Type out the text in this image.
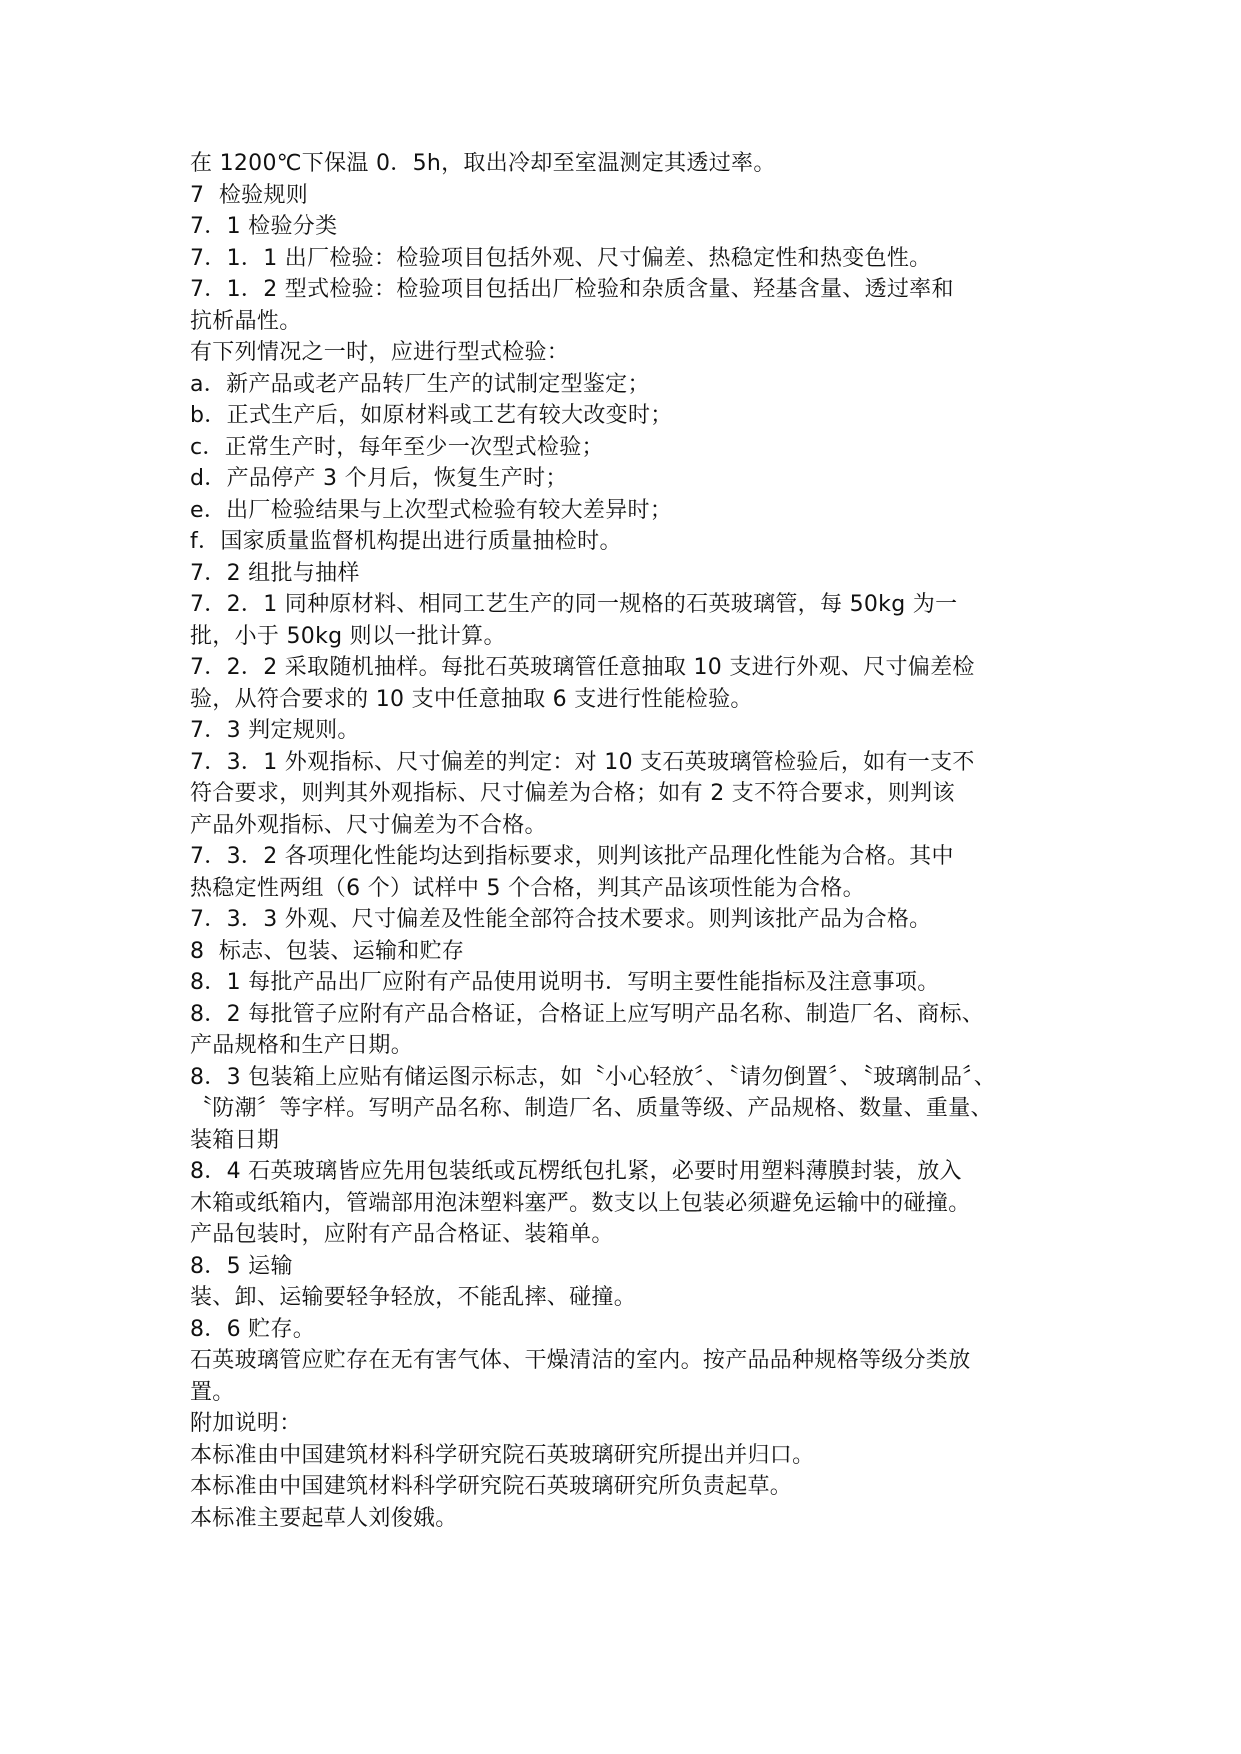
在 1200℃下保温 0．5h，取出冷却至室温测定其透过率。

7  检验规则

7．1 检验分类

7．1．1 出厂检验：检验项目包括外观、尺寸偏差、热稳定性和热变色性。

7．1．2 型式检验：检验项目包括出厂检验和杂质含量、羟基含量、透过率和

抗析晶性。

有下列情况之一时，应进行型式检验：

a．新产品或老产品转厂生产的试制定型鉴定；

b．正式生产后，如原材料或工艺有较大改变时；

c．正常生产时，每年至少一次型式检验；

d．产品停产 3 个月后，恢复生产时；

e．出厂检验结果与上次型式检验有较大差异时；

f．国家质量监督机构提出进行质量抽检时。

7．2 组批与抽样

7．2．1 同种原材料、相同工艺生产的同一规格的石英玻璃管，每 50kg 为一

批，小于 50kg 则以一批计算。

7．2．2 采取随机抽样。每批石英玻璃管任意抽取 10 支进行外观、尺寸偏差检

验，从符合要求的 10 支中任意抽取 6 支进行性能检验。

7．3 判定规则。

7．3．1 外观指标、尺寸偏差的判定：对 10 支石英玻璃管检验后，如有一支不

符合要求，则判其外观指标、尺寸偏差为合格；如有 2 支不符合要求，则判该

产品外观指标、尺寸偏差为不合格。

7．3．2 各项理化性能均达到指标要求，则判该批产品理化性能为合格。其中

热稳定性两组（6 个）试样中 5 个合格，判其产品该项性能为合格。

7．3．3 外观、尺寸偏差及性能全部符合技术要求。则判该批产品为合格。

8  标志、包装、运输和贮存

8．1 每批产品出厂应附有产品使用说明书．写明主要性能指标及注意事项。

8．2 每批管子应附有产品合格证，合格证上应写明产品名称、制造厂名、商标、

产品规格和生产日期。

8．3 包装箱上应贴有储运图示标志，如〝小心轻放〞、〝请勿倒置〞、〝玻璃制品〞、

〝防潮〞等字样。写明产品名称、制造厂名、质量等级、产品规格、数量、重量、

装箱日期

8．4 石英玻璃皆应先用包装纸或瓦楞纸包扎紧，必要时用塑料薄膜封装，放入

木箱或纸箱内，管端部用泡沫塑料塞严。数支以上包装必须避免运输中的碰撞。

产品包装时，应附有产品合格证、装箱单。

8．5 运输

装、卸、运输要轻争轻放，不能乱摔、碰撞。

8．6 贮存。

石英玻璃管应贮存在无有害气体、干燥清洁的室内。按产品品种规格等级分类放

置。

附加说明：

本标准由中国建筑材料科学研究院石英玻璃研究所提出并归口。

本标准由中国建筑材料科学研究院石英玻璃研究所负责起草。

本标准主要起草人刘俊娥。
